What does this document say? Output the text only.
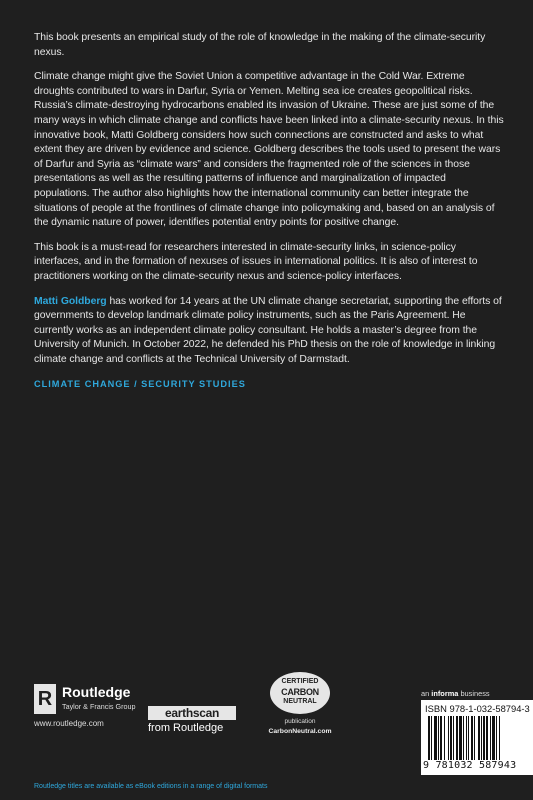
This book presents an empirical study of the role of knowledge in the making of the climate-security nexus.

Climate change might give the Soviet Union a competitive advantage in the Cold War. Extreme droughts contributed to wars in Darfur, Syria or Yemen. Melting sea ice creates geopolitical risks. Russia’s climate-destroying hydrocarbons enabled its invasion of Ukraine. These are just some of the many ways in which climate change and conflicts have been linked into a climate-security nexus. In this innovative book, Matti Goldberg considers how such connections are constructed and asks to what extent they are driven by evidence and science. Goldberg describes the tools used to present the wars of Darfur and Syria as “climate wars” and considers the fragmented role of the sciences in those presentations as well as the resulting patterns of influence and marginalization of impacted populations. The author also highlights how the international community can better integrate the situations of people at the frontlines of climate change into policymaking and, based on an analysis of the dynamic nature of power, identifies potential entry points for positive change.

This book is a must-read for researchers interested in climate-security links, in science-policy interfaces, and in the formation of nexuses of issues in international politics. It is also of interest to practitioners working on the climate-security nexus and science-policy interfaces.

Matti Goldberg has worked for 14 years at the UN climate change secretariat, supporting the efforts of governments to develop landmark climate policy instruments, such as the Paris Agreement. He currently works as an independent climate policy consultant. He holds a master’s degree from the University of Munich. In October 2022, he defended his PhD thesis on the role of knowledge in linking climate change and conflicts at the Technical University of Darmstadt.

CLIMATE CHANGE / SECURITY STUDIES
R Routledge
Taylor & Francis Group
www.routledge.com
earthscan
from Routledge
CERTIFIED
CARBON
NEUTRAL
publication
CarbonNeutral.com
an informa business
ISBN 978-1-032-58794-3
9 781032 587943
Routledge titles are available as eBook editions in a range of digital formats
